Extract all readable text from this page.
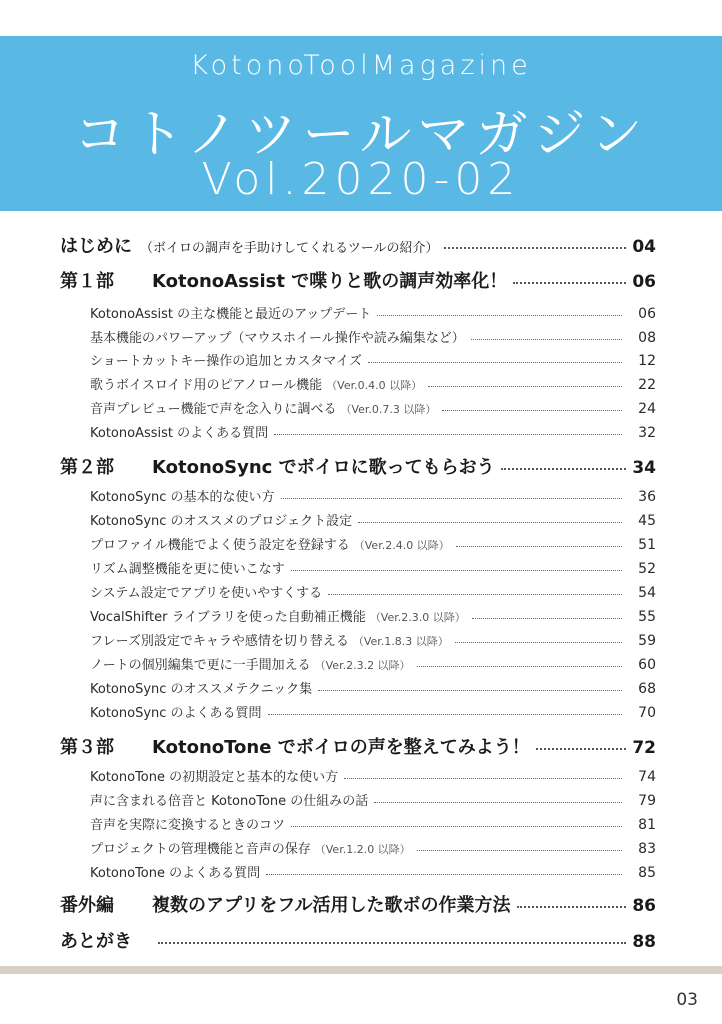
KotonoToolMagazine
コトノツールマガジン
Vol.2020-02
はじめに （ボイロの調声を手助けしてくれるツールの紹介）	04
第１部	KotonoAssist で喋りと歌の調声効率化！	06
KotonoAssist の主な機能と最近のアップデート	06
基本機能のパワーアップ（マウスホイール操作や読み編集など）	08
ショートカットキー操作の追加とカスタマイズ	12
歌うボイスロイド用のピアノロール機能 （Ver.0.4.0 以降）	22
音声プレビュー機能で声を念入りに調べる （Ver.0.7.3 以降）	24
KotonoAssist のよくある質問	32
第２部	KotonoSync でボイロに歌ってもらおう	34
KotonoSync の基本的な使い方	36
KotonoSync のオススメのプロジェクト設定	45
プロファイル機能でよく使う設定を登録する （Ver.2.4.0 以降）	51
リズム調整機能を更に使いこなす	52
システム設定でアプリを使いやすくする	54
VocalShifter ライブラリを使った自動補正機能 （Ver.2.3.0 以降）	55
フレーズ別設定でキャラや感情を切り替える （Ver.1.8.3 以降）	59
ノートの個別編集で更に一手間加える （Ver.2.3.2 以降）	60
KotonoSync のオススメテクニック集	68
KotonoSync のよくある質問	70
第３部	KotonoTone でボイロの声を整えてみよう！	72
KotonoTone の初期設定と基本的な使い方	74
声に含まれる倍音と KotonoTone の仕組みの話	79
音声を実際に変換するときのコツ	81
プロジェクトの管理機能と音声の保存 （Ver.1.2.0 以降）	83
KotonoTone のよくある質問	85
番外編	複数のアプリをフル活用した歌ボの作業方法	86
あとがき	88
03
